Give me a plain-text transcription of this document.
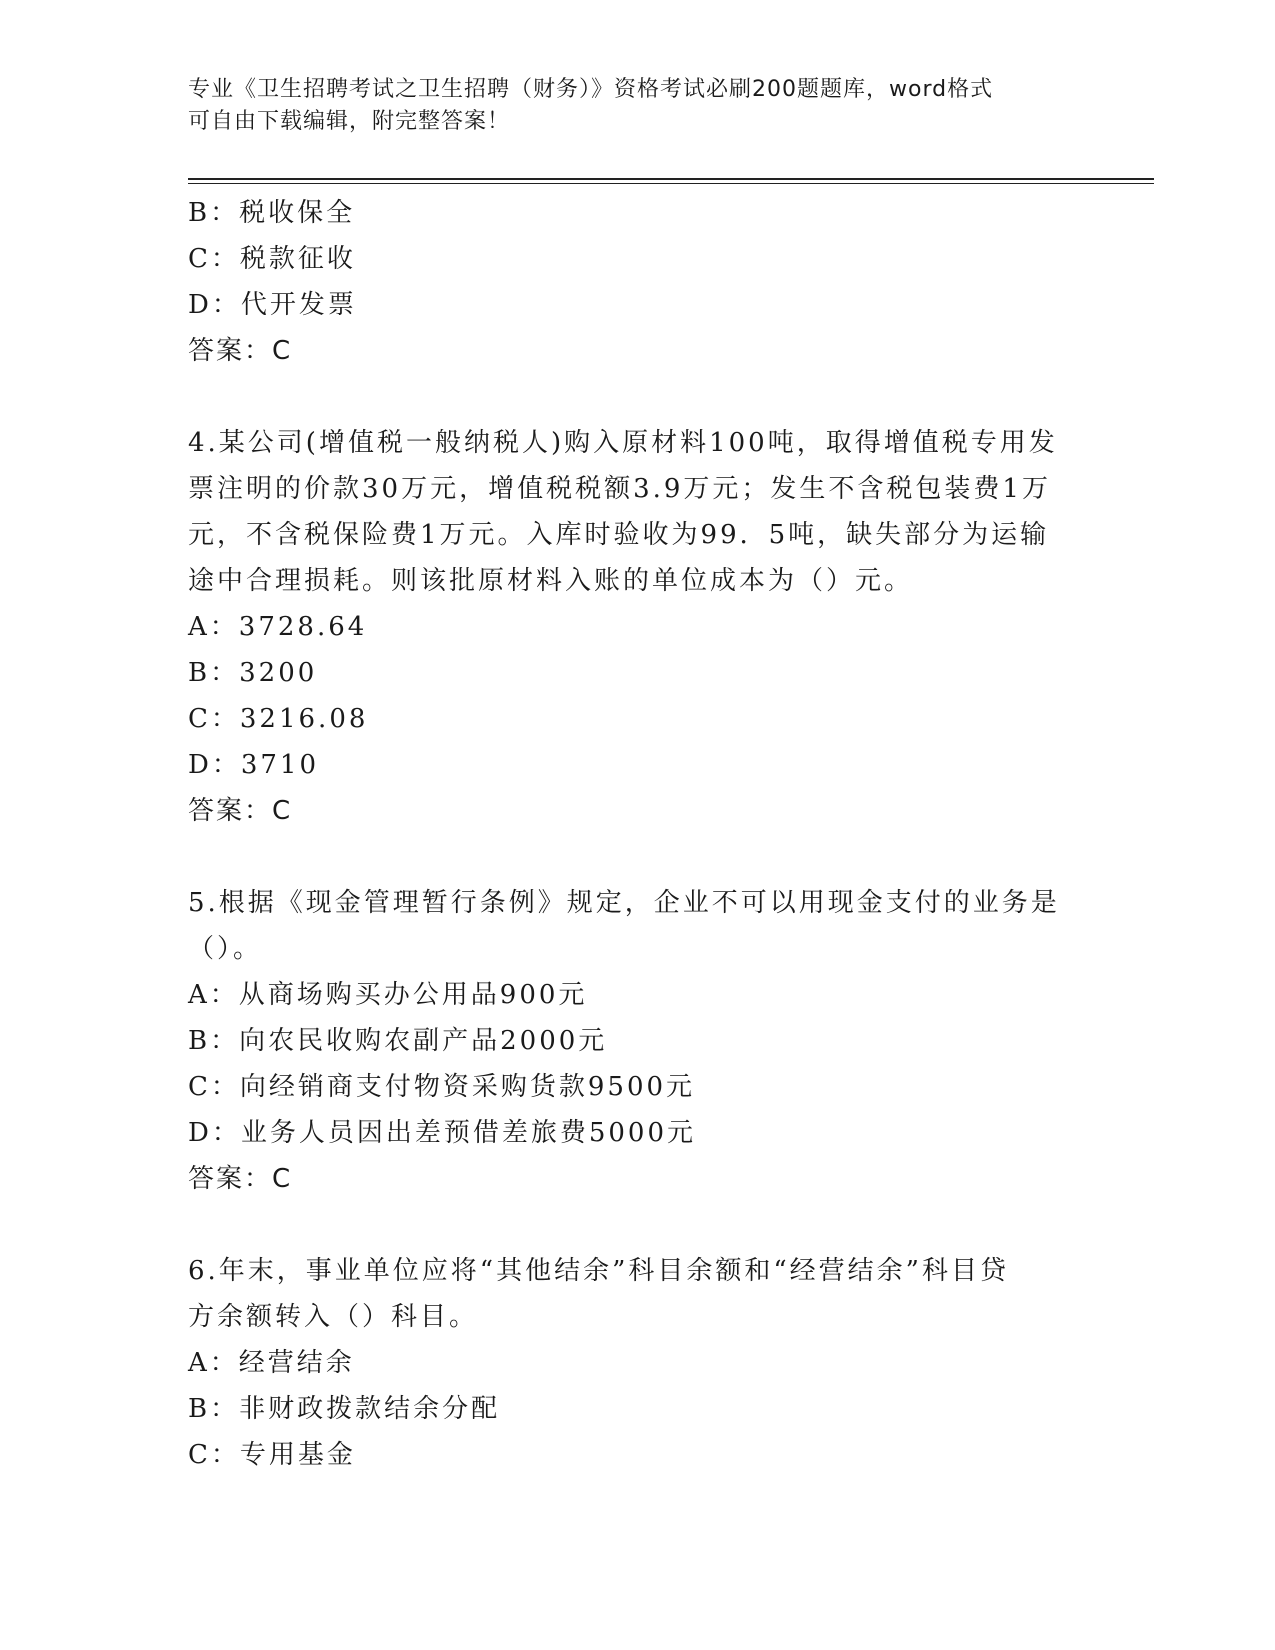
专业《卫生招聘考试之卫生招聘（财务）》资格考试必刷200题题库，word格式
可自由下载编辑，附完整答案！
B：税收保全
C：税款征收
D：代开发票
答案：C
4.某公司(增值税一般纳税人)购入原材料100吨，取得增值税专用发
票注明的价款30万元，增值税税额3.9万元；发生不含税包装费1万
元，不含税保险费1万元。入库时验收为99．5吨，缺失部分为运输
途中合理损耗。则该批原材料入账的单位成本为（）元。
A：3728.64
B：3200
C：3216.08
D：3710
答案：C
5.根据《现金管理暂行条例》规定，企业不可以用现金支付的业务是
（）。
A：从商场购买办公用品900元
B：向农民收购农副产品2000元
C：向经销商支付物资采购货款9500元
D：业务人员因出差预借差旅费5000元
答案：C
6.年末，事业单位应将“其他结余”科目余额和“经营结余”科目贷
方余额转入（）科目。
A：经营结余
B：非财政拨款结余分配
C：专用基金
